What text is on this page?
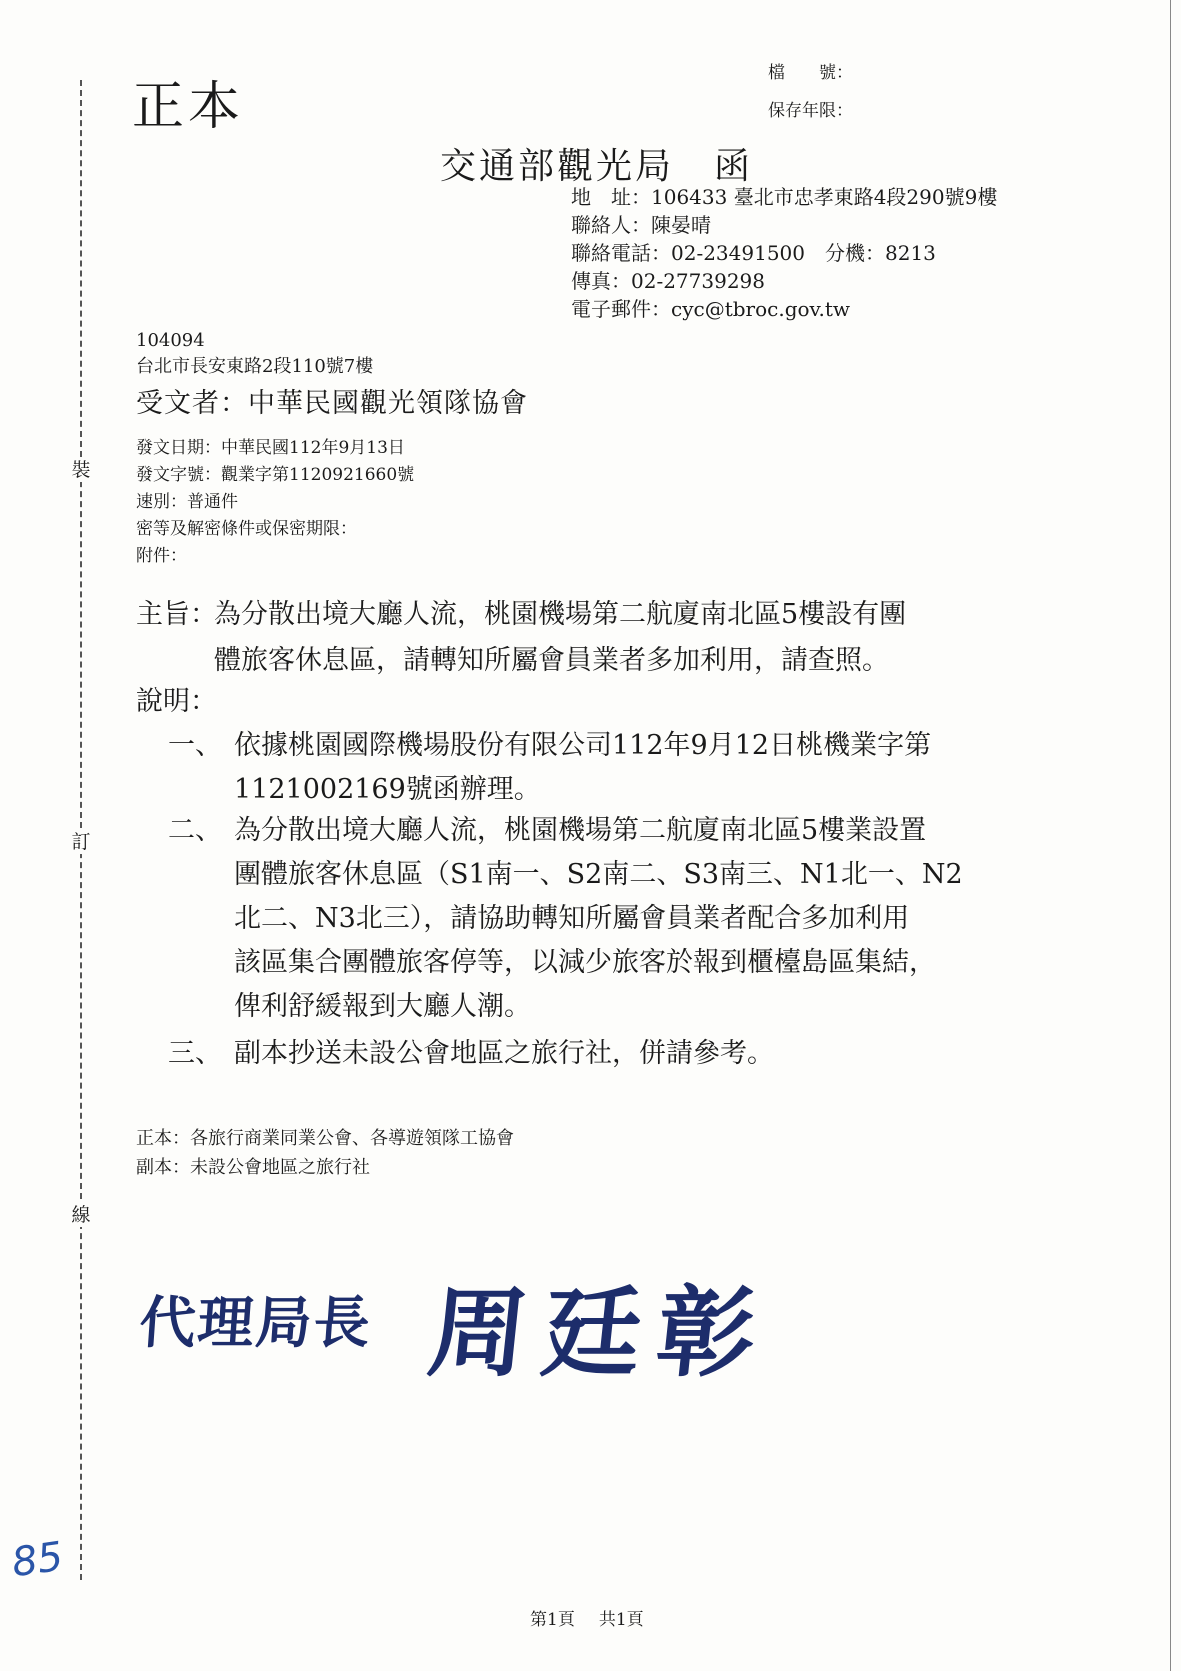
裝
訂
線
正本
檔　　號：
保存年限：
交通部觀光局 函
地　址：106433 臺北市忠孝東路4段290號9樓
聯絡人：陳晏晴
聯絡電話：02-23491500　分機：8213
傳真：02-27739298
電子郵件：cyc@tbroc.gov.tw
104094
台北市長安東路2段110號7樓
受文者：中華民國觀光領隊協會
發文日期：中華民國112年9月13日
發文字號：觀業字第1120921660號
速別：普通件
密等及解密條件或保密期限：
附件：
主旨：
為分散出境大廳人流，桃園機場第二航廈南北區5樓設有團
體旅客休息區，請轉知所屬會員業者多加利用，請查照。
說明：
一、 依據桃園國際機場股份有限公司112年9月12日桃機業字第
1121002169號函辦理。
二、 為分散出境大廳人流，桃園機場第二航廈南北區5樓業設置
團體旅客休息區（S1南一、S2南二、S3南三、N1北一、N2
北二、N3北三），請協助轉知所屬會員業者配合多加利用
該區集合團體旅客停等，以減少旅客於報到櫃檯島區集結，
俾利舒緩報到大廳人潮。
三、 副本抄送未設公會地區之旅行社，併請參考。
正本：各旅行商業同業公會、各導遊領隊工協會
副本：未設公會地區之旅行社
代理局長 周廷彰
85
第1頁 共1頁
